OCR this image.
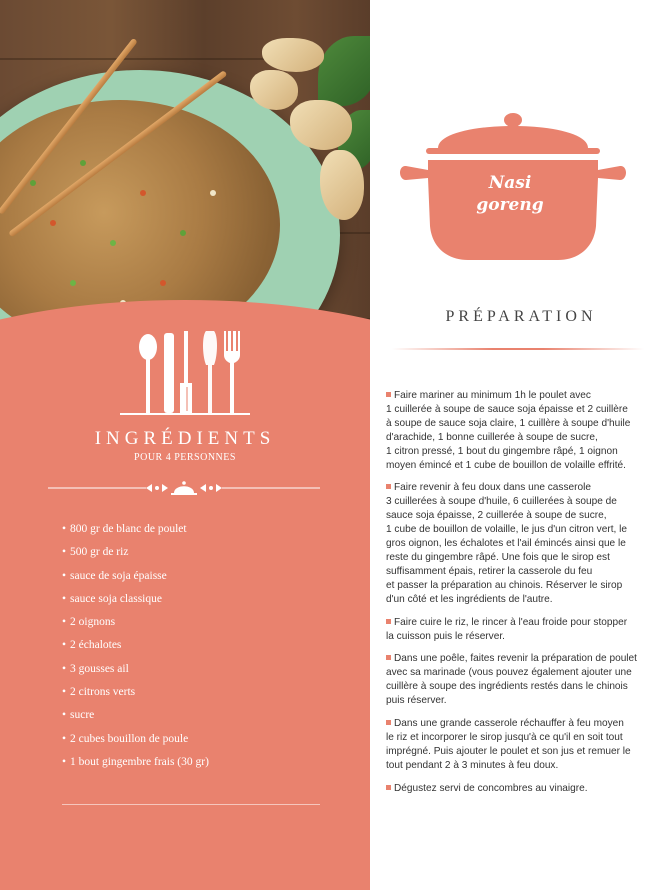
INGRÉDIENTS
POUR 4 PERSONNES
• 800 gr de blanc de poulet
• 500 gr de riz
• sauce de soja épaisse
• sauce soja classique
• 2 oignons
• 2 échalotes
• 3 gousses ail
• 2 citrons verts
• sucre
• 2 cubes bouillon de poule
• 1 bout gingembre frais (30 gr)
Nasi
goreng
PRÉPARATION
Faire mariner au minimum 1h le poulet avec
1 cuillerée à soupe de sauce soja épaisse et 2 cuillère
à soupe de sauce soja claire, 1 cuillère à soupe d'huile
d'arachide, 1 bonne cuillerée à soupe de sucre,
1 citron pressé, 1 bout du gingembre râpé, 1 oignon
moyen émincé et 1 cube de bouillon de volaille effrité.
Faire revenir à feu doux dans une casserole
3 cuillerées à soupe d'huile, 6 cuillerées à soupe de
sauce soja épaisse, 2 cuillerée à soupe de sucre,
1 cube de bouillon de volaille, le jus d'un citron vert, le
gros oignon, les échalotes et l'ail émincés ainsi que le
reste du gingembre râpé. Une fois que le sirop est
suffisamment épais, retirer la casserole du feu
et passer la préparation au chinois. Réserver le sirop
d'un côté et les ingrédients de l'autre.
Faire cuire le riz, le rincer à l'eau froide pour stopper
la cuisson puis le réserver.
Dans une poêle, faites revenir la préparation de poulet
avec sa marinade (vous pouvez également ajouter une
cuillère à soupe des ingrédients restés dans le chinois
puis réserver.
Dans une grande casserole réchauffer à feu moyen
le riz et incorporer le sirop jusqu'à ce qu'il en soit tout
imprégné. Puis ajouter le poulet et son jus et remuer le
tout pendant 2 à 3 minutes à feu doux.
Dégustez servi de concombres au vinaigre.
